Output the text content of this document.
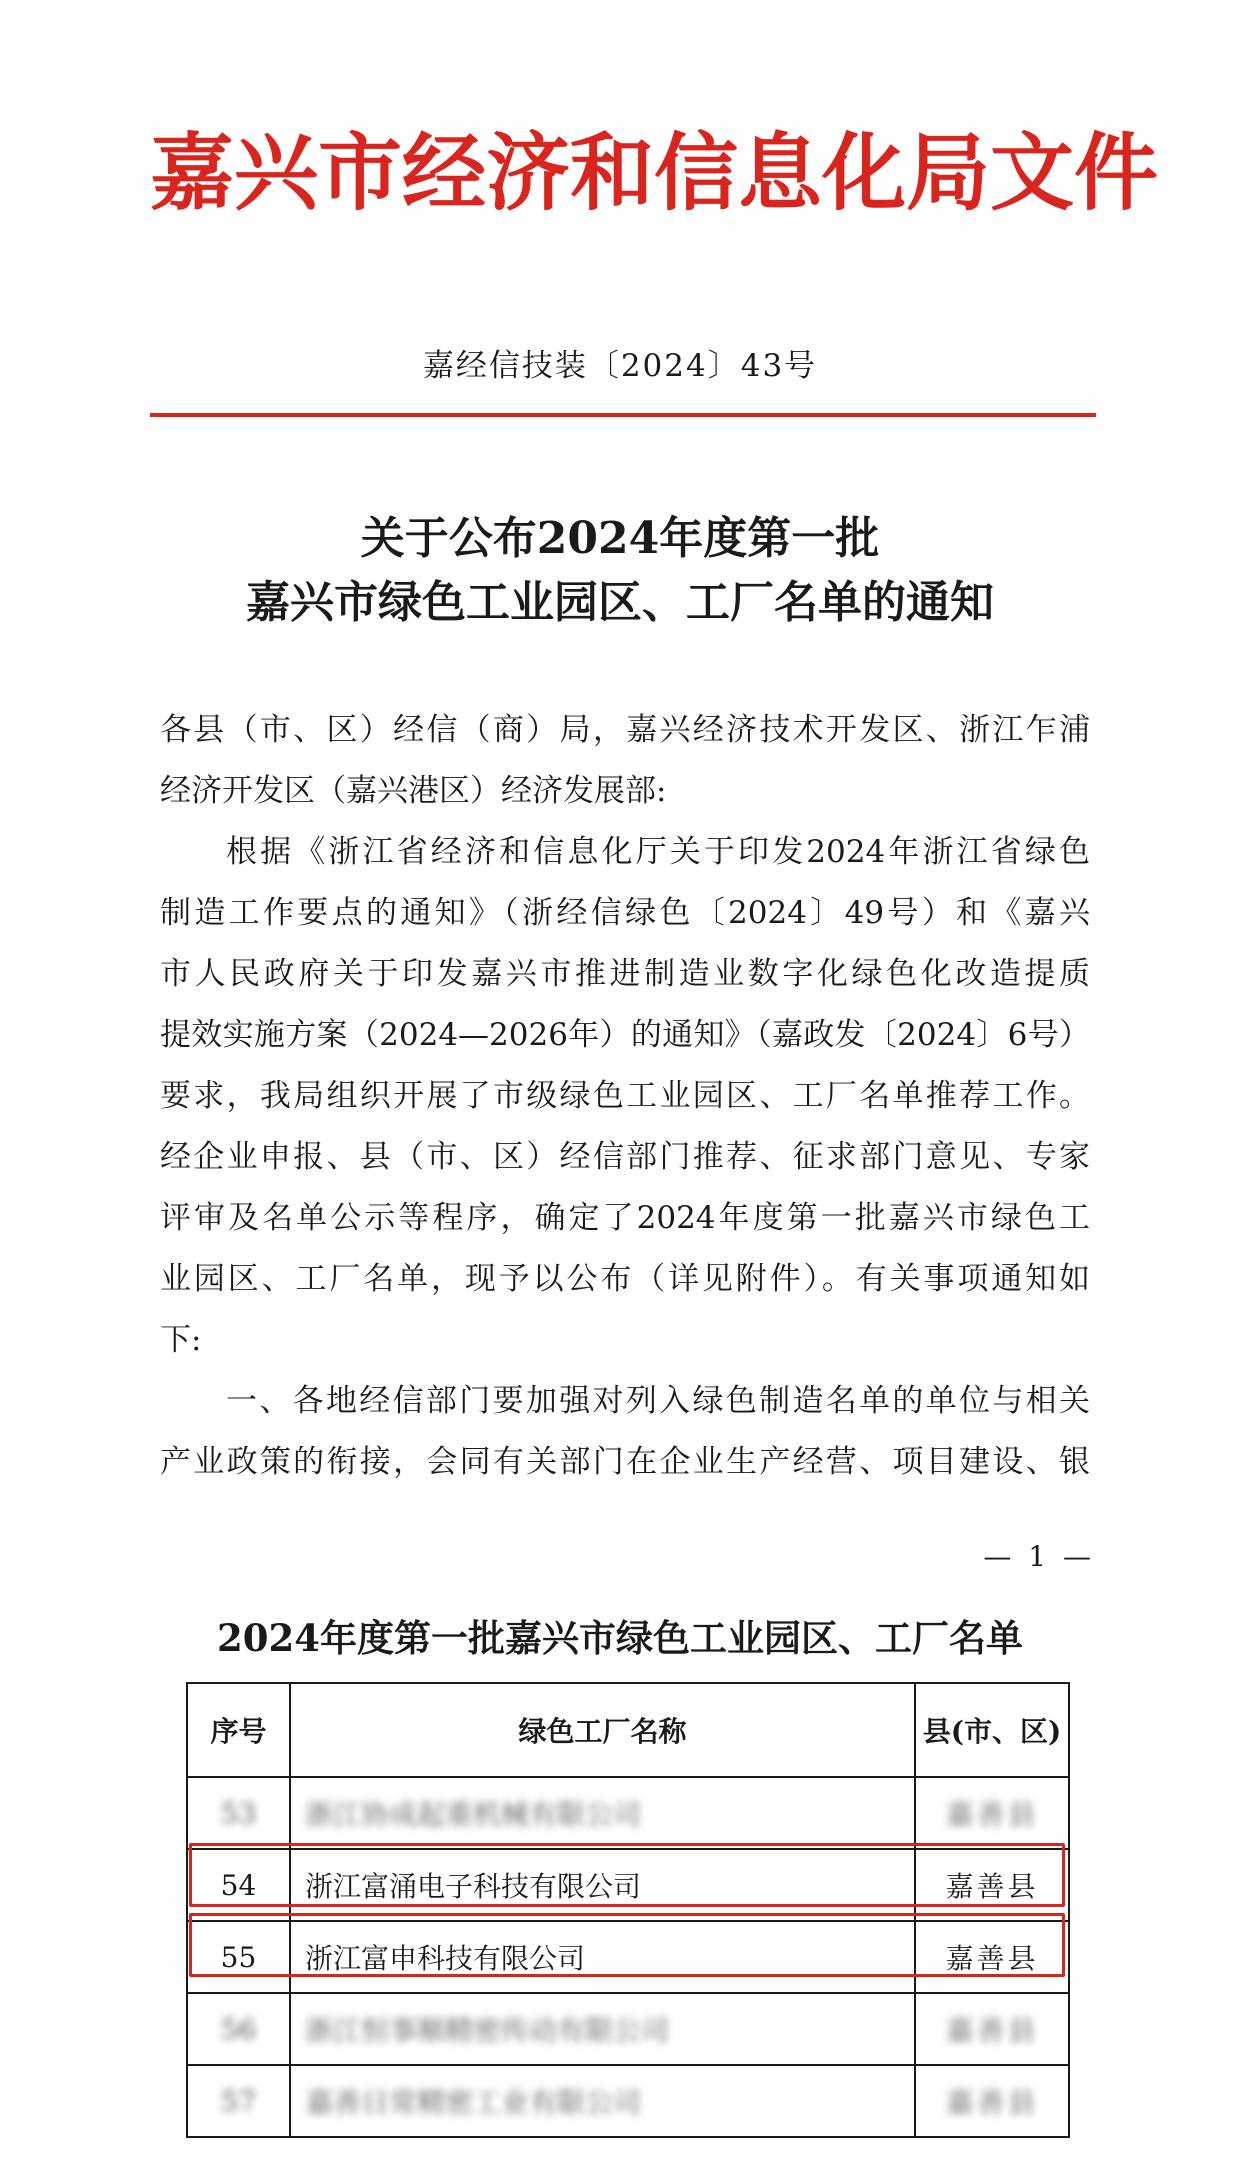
嘉兴市经济和信息化局文件
嘉经信技装〔2024〕43号
关于公布2024年度第一批
嘉兴市绿色工业园区、工厂名单的通知
各县（市、区）经信（商）局，嘉兴经济技术开发区、浙江乍浦
经济开发区（嘉兴港区）经济发展部:
根据《浙江省经济和信息化厅关于印发2024年浙江省绿色
制造工作要点的通知》（浙经信绿色〔2024〕49号）和《嘉兴
市人民政府关于印发嘉兴市推进制造业数字化绿色化改造提质
提效实施方案（2024—2026年）的通知》（嘉政发〔2024〕6号）
要求，我局组织开展了市级绿色工业园区、工厂名单推荐工作。
经企业申报、县（市、区）经信部门推荐、征求部门意见、专家
评审及名单公示等程序，确定了2024年度第一批嘉兴市绿色工
业园区、工厂名单，现予以公布（详见附件）。有关事项通知如
下:
一、各地经信部门要加强对列入绿色制造名单的单位与相关
产业政策的衔接，会同有关部门在企业生产经营、项目建设、银
— 1 —
2024年度第一批嘉兴市绿色工业园区、工厂名单
序号	绿色工厂名称	县(市、区)
53	浙江协成起重机械有限公司	嘉善县
54	浙江富涌电子科技有限公司	嘉善县
55	浙江富申科技有限公司	嘉善县
56	浙江恒事顺精密传动有限公司	嘉善县
57	嘉善日常精密工业有限公司	嘉善县
